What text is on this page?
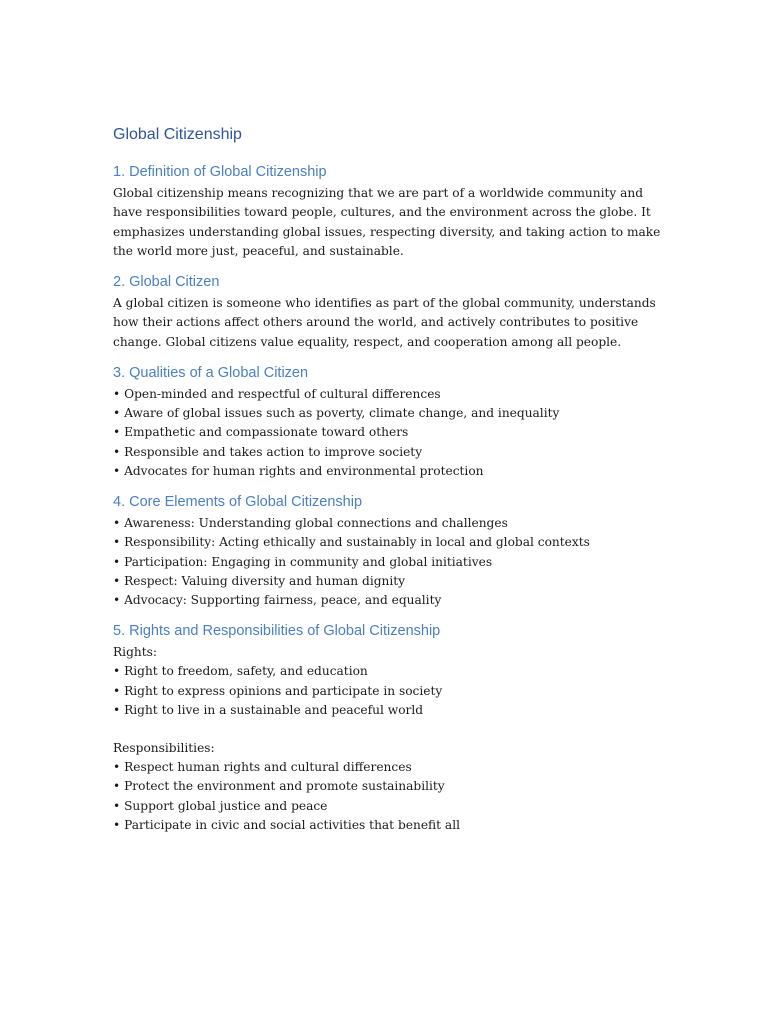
Global Citizenship
1. Definition of Global Citizenship

Global citizenship means recognizing that we are part of a worldwide community and have responsibilities toward people, cultures, and the environment across the globe. It emphasizes understanding global issues, respecting diversity, and taking action to make the world more just, peaceful, and sustainable.

2. Global Citizen

A global citizen is someone who identifies as part of the global community, understands how their actions affect others around the world, and actively contributes to positive change. Global citizens value equality, respect, and cooperation among all people.

3. Qualities of a Global Citizen
• Open-minded and respectful of cultural differences
• Aware of global issues such as poverty, climate change, and inequality
• Empathetic and compassionate toward others
• Responsible and takes action to improve society
• Advocates for human rights and environmental protection
4. Core Elements of Global Citizenship
• Awareness: Understanding global connections and challenges
• Responsibility: Acting ethically and sustainably in local and global contexts
• Participation: Engaging in community and global initiatives
• Respect: Valuing diversity and human dignity
• Advocacy: Supporting fairness, peace, and equality
5. Rights and Responsibilities of Global Citizenship

Rights:

• Right to freedom, safety, and education
• Right to express opinions and participate in society
• Right to live in a sustainable and peaceful world

Responsibilities:

• Respect human rights and cultural differences
• Protect the environment and promote sustainability
• Support global justice and peace
• Participate in civic and social activities that benefit all
